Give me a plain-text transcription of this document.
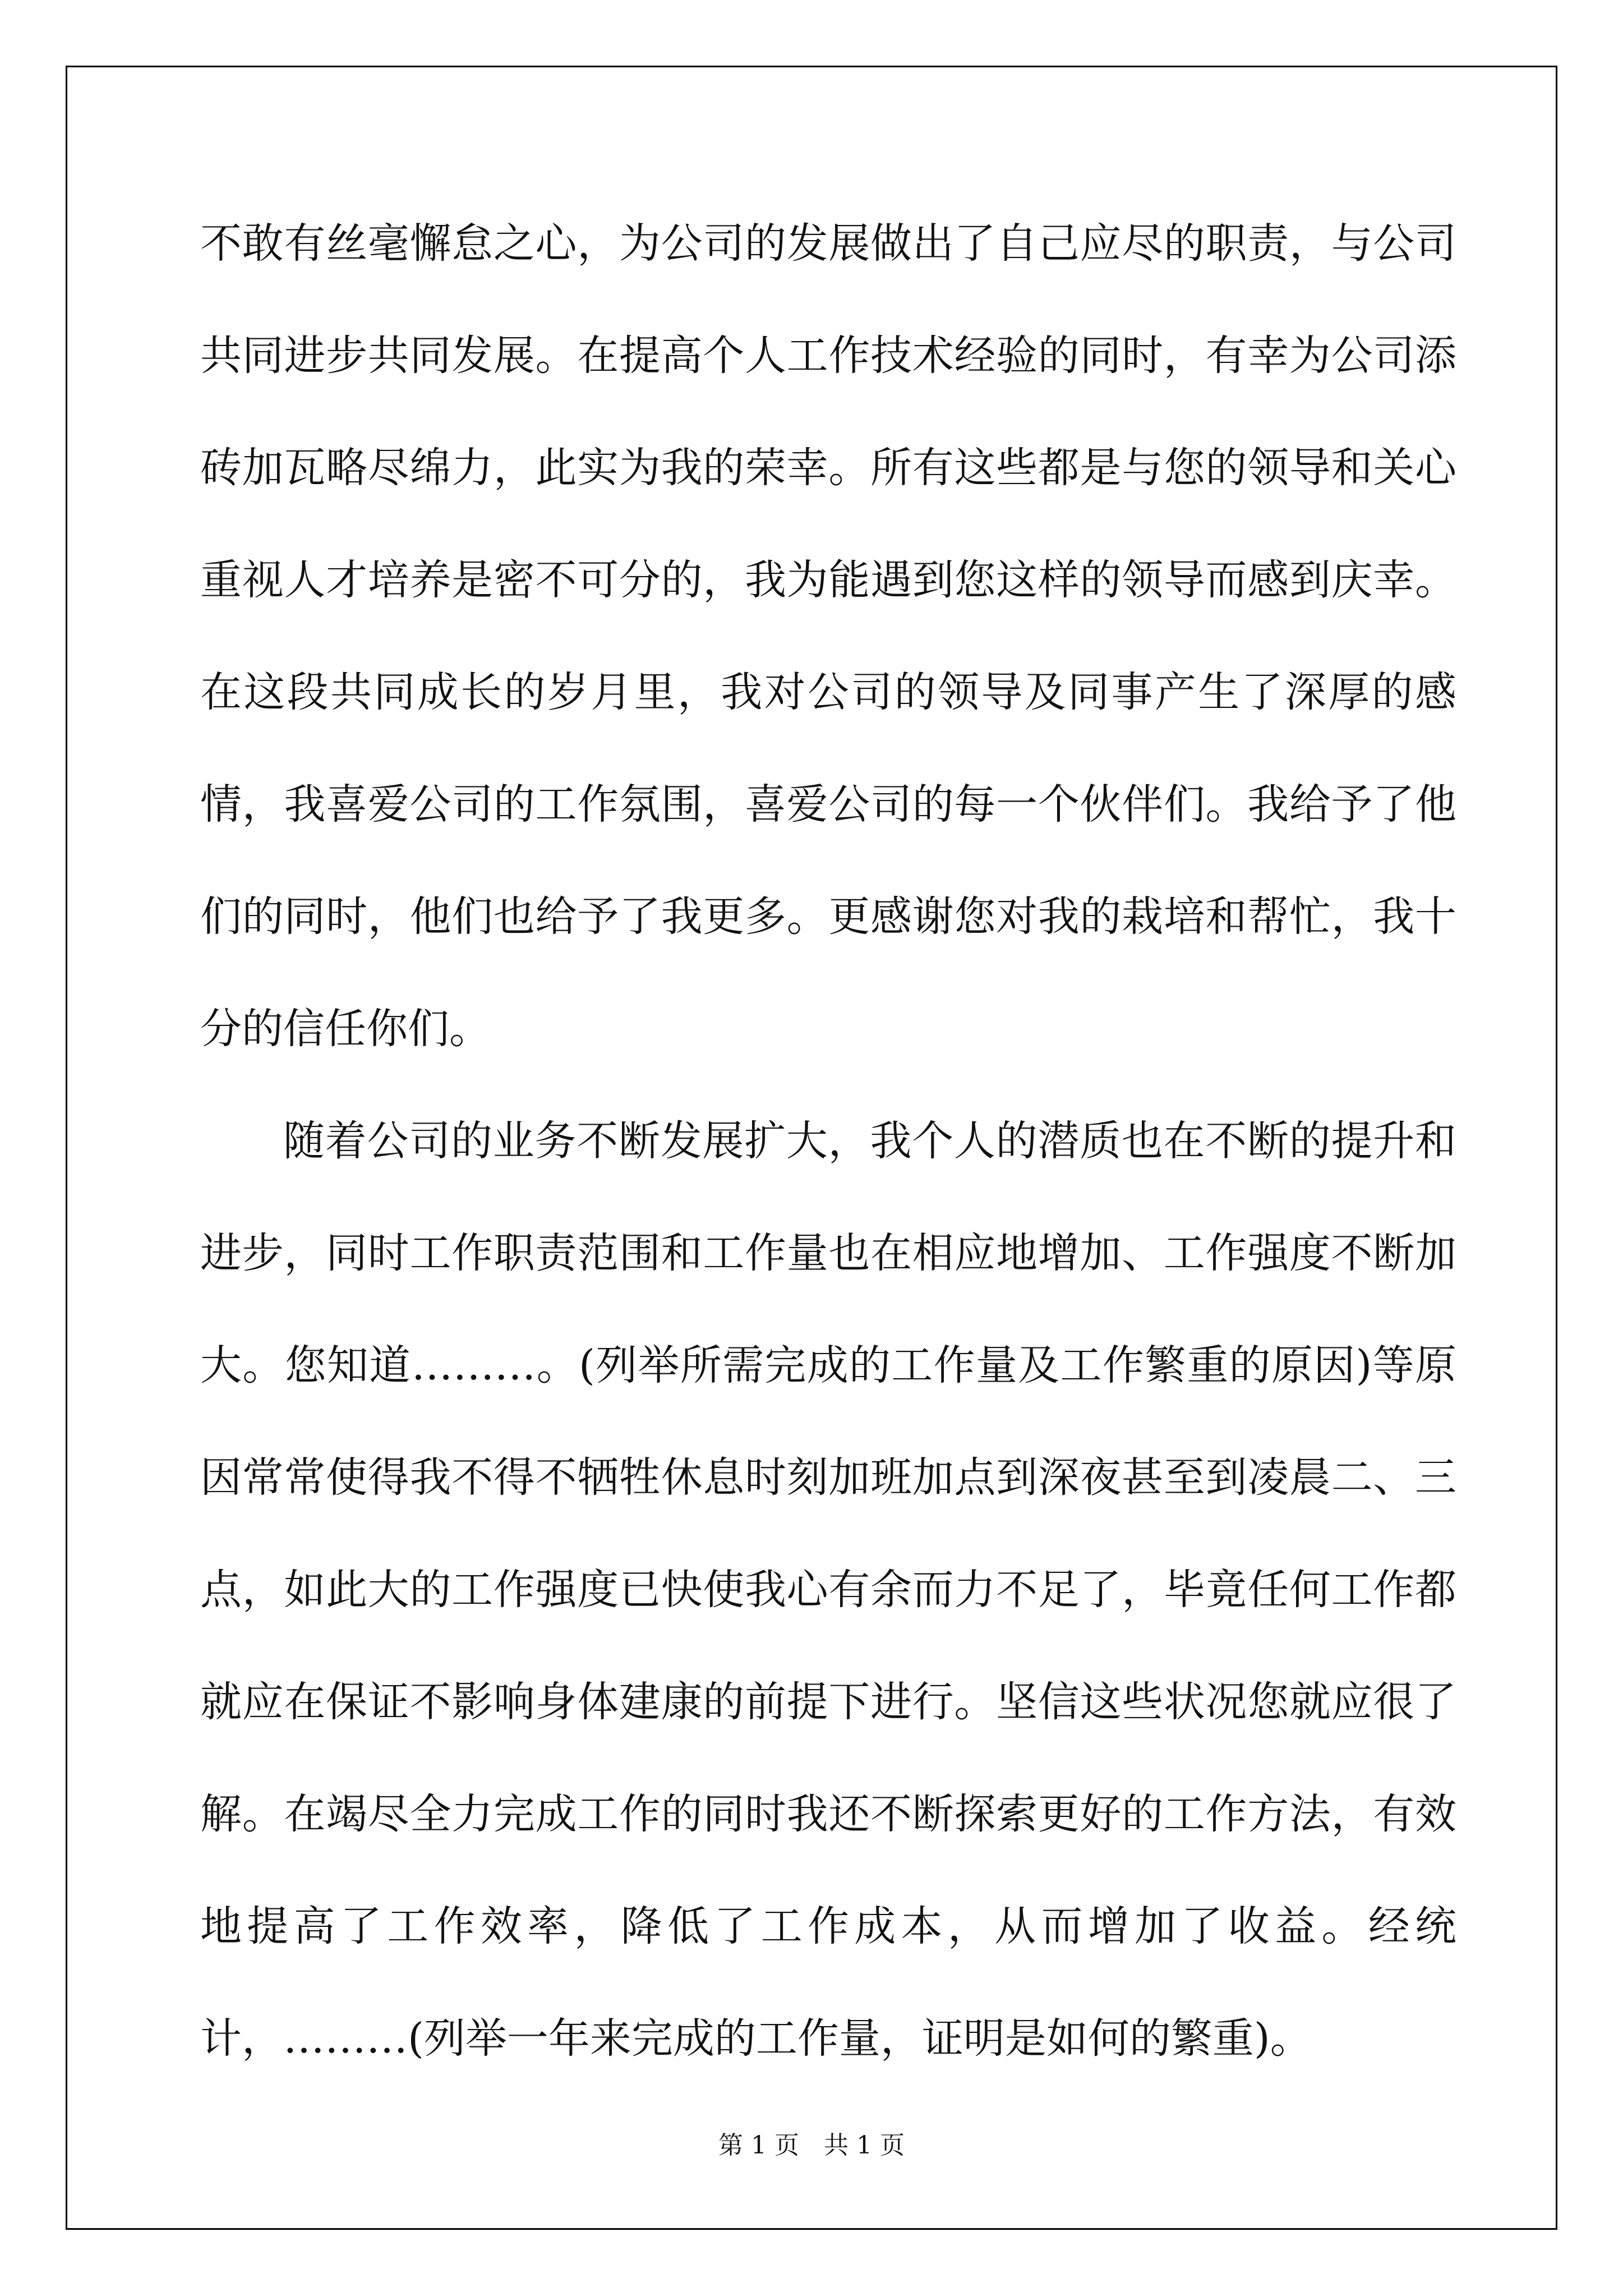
不敢有丝毫懈怠之心，为公司的发展做出了自己应尽的职责，与公司共同进步共同发展。在提高个人工作技术经验的同时，有幸为公司添砖加瓦略尽绵力，此实为我的荣幸。所有这些都是与您的领导和关心重视人才培养是密不可分的，我为能遇到您这样的领导而感到庆幸。在这段共同成长的岁月里，我对公司的领导及同事产生了深厚的感情，我喜爱公司的工作氛围，喜爱公司的每一个伙伴们。我给予了他们的同时，他们也给予了我更多。更感谢您对我的栽培和帮忙，我十分的信任你们。

随着公司的业务不断发展扩大，我个人的潜质也在不断的提升和进步，同时工作职责范围和工作量也在相应地增加、工作强度不断加大。您知道………。(列举所需完成的工作量及工作繁重的原因)等原因常常使得我不得不牺牲休息时刻加班加点到深夜甚至到凌晨二、三点，如此大的工作强度已快使我心有余而力不足了，毕竟任何工作都就应在保证不影响身体建康的前提下进行。坚信这些状况您就应很了解。在竭尽全力完成工作的同时我还不断探索更好的工作方法，有效地提高了工作效率，降低了工作成本，从而增加了收益。经统计，………(列举一年来完成的工作量，证明是如何的繁重)。

第 1 页　共 1 页
